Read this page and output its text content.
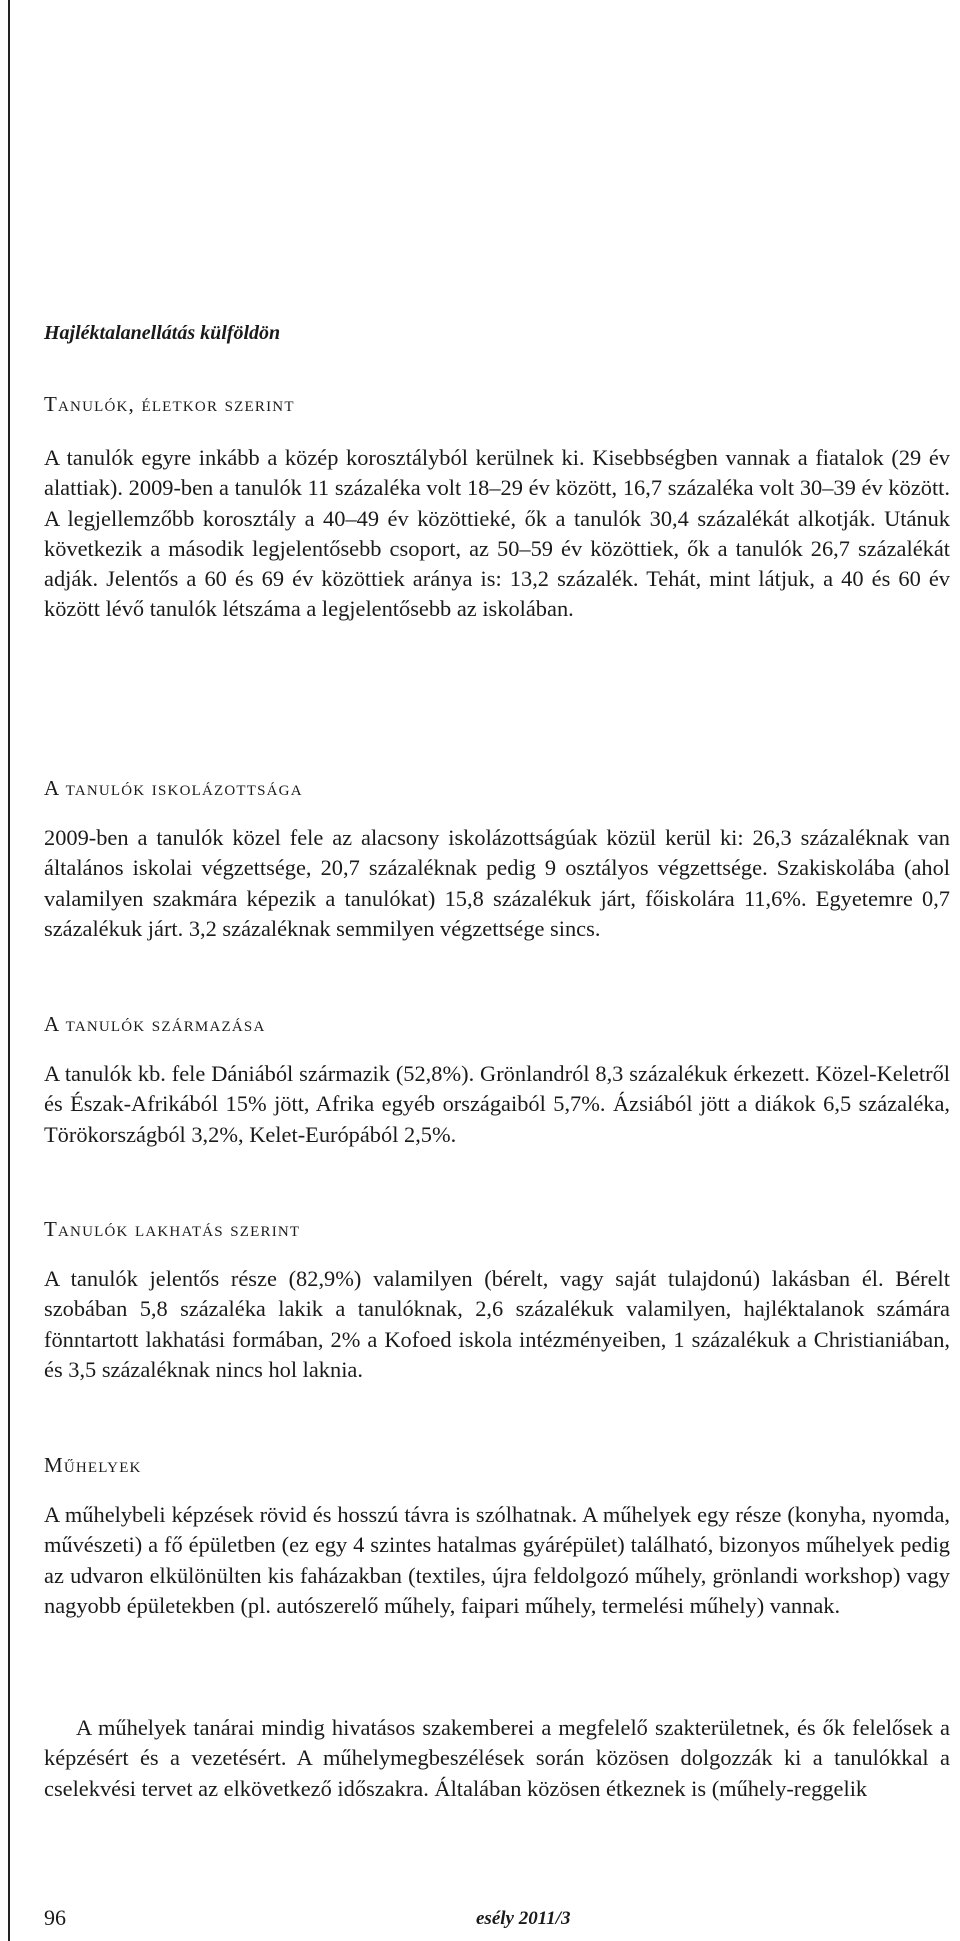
Hajléktalanellátás külföldön
Tanulók, életkor szerint

A tanulók egyre inkább a közép korosztályból kerülnek ki. Kisebbségben vannak a fiatalok (29 év alattiak). 2009-ben a tanulók 11 százaléka volt 18–29 év között, 16,7 százaléka volt 30–39 év között. A legjellemzőbb korosztály a 40–49 év közöttieké, ők a tanulók 30,4 százalékát alkotják. Utánuk következik a második legjelentősebb csoport, az 50–59 év közöttiek, ők a tanulók 26,7 százalékát adják. Jelentős a 60 és 69 év közöttiek aránya is: 13,2 százalék. Tehát, mint látjuk, a 40 és 60 év között lévő tanulók létszáma a legjelentősebb az iskolában.

A tanulók iskolázottsága

2009-ben a tanulók közel fele az alacsony iskolázottságúak közül kerül ki: 26,3 százaléknak van általános iskolai végzettsége, 20,7 százaléknak pedig 9 osztályos végzettsége. Szakiskolába (ahol valamilyen szakmára képezik a tanulókat) 15,8 százalékuk járt, főiskolára 11,6%. Egyetemre 0,7 százalékuk járt. 3,2 százaléknak semmilyen végzettsége sincs.

A tanulók származása

A tanulók kb. fele Dániából származik (52,8%). Grönlandról 8,3 százalékuk érkezett. Közel-Keletről és Észak-Afrikából 15% jött, Afrika egyéb országaiból 5,7%. Ázsiából jött a diákok 6,5 százaléka, Törökországból 3,2%, Kelet-Európából 2,5%.

Tanulók lakhatás szerint

A tanulók jelentős része (82,9%) valamilyen (bérelt, vagy saját tulajdonú) lakásban él. Bérelt szobában 5,8 százaléka lakik a tanulóknak, 2,6 százalékuk valamilyen, hajléktalanok számára fönntartott lakhatási formában, 2% a Kofoed iskola intézményeiben, 1 százalékuk a Christianiában, és 3,5 százaléknak nincs hol laknia.

Műhelyek

A műhelybeli képzések rövid és hosszú távra is szólhatnak. A műhelyek egy része (konyha, nyomda, művészeti) a fő épületben (ez egy 4 szintes hatalmas gyárépület) található, bizonyos műhelyek pedig az udvaron elkülönülten kis faházakban (textiles, újra feldolgozó műhely, grönlandi workshop) vagy nagyobb épületekben (pl. autószerelő műhely, faipari műhely, termelési műhely) vannak.

A műhelyek tanárai mindig hivatásos szakemberei a megfelelő szakterületnek, és ők felelősek a képzésért és a vezetésért. A műhelymegbeszélések során közösen dolgozzák ki a tanulókkal a cselekvési tervet az elkövetkező időszakra. Általában közösen étkeznek is (műhely-reggelik

96	esély 2011/3
